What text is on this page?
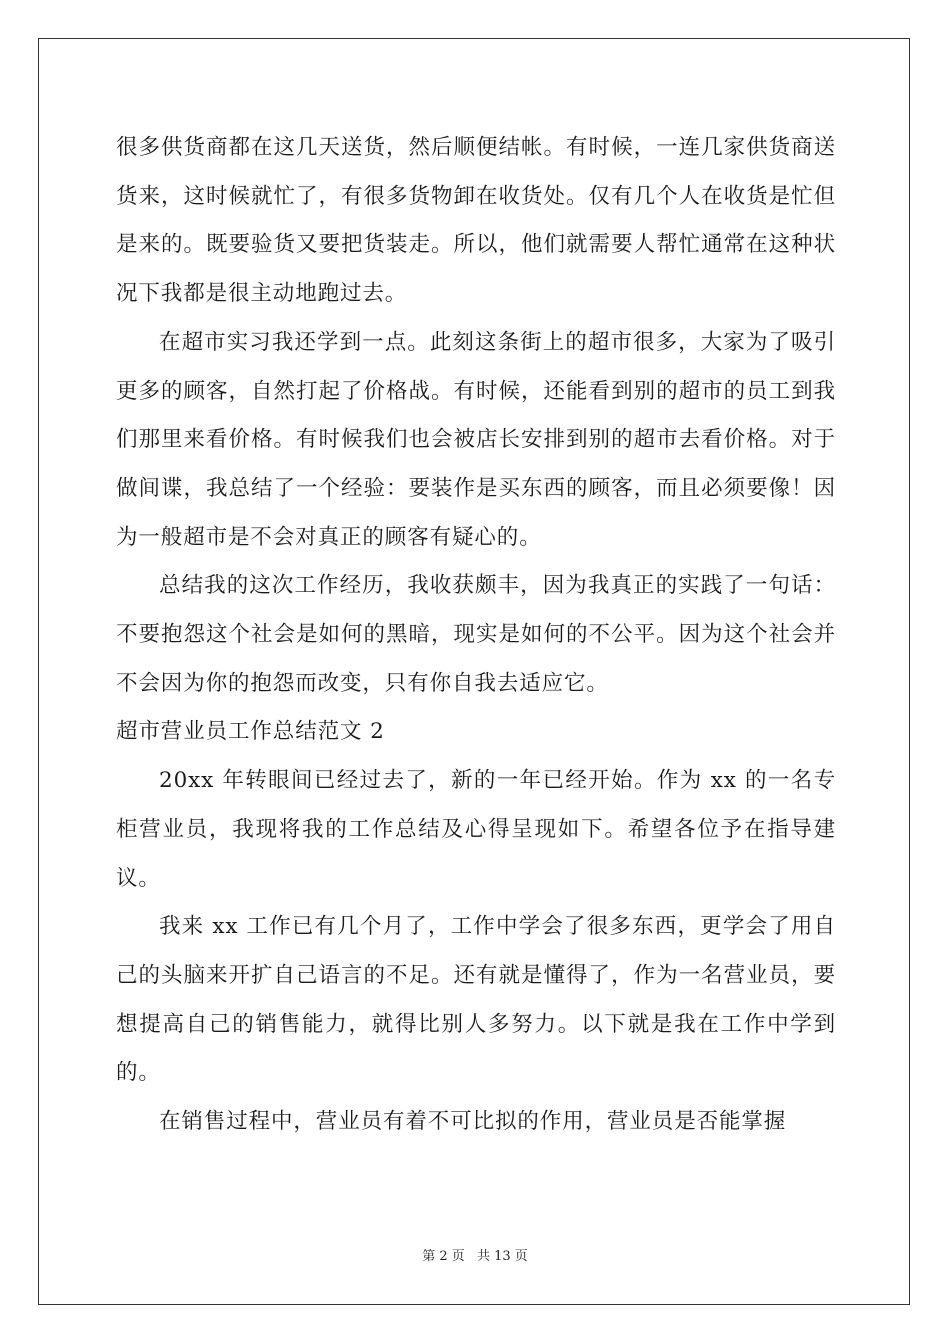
很多供货商都在这几天送货，然后顺便结帐。有时候，一连几家供货商送货来，这时候就忙了，有很多货物卸在收货处。仅有几个人在收货是忙但是来的。既要验货又要把货装走。所以，他们就需要人帮忙通常在这种状况下我都是很主动地跑过去。

在超市实习我还学到一点。此刻这条街上的超市很多，大家为了吸引更多的顾客，自然打起了价格战。有时候，还能看到别的超市的员工到我们那里来看价格。有时候我们也会被店长安排到别的超市去看价格。对于做间谍，我总结了一个经验：要装作是买东西的顾客，而且必须要像！因为一般超市是不会对真正的顾客有疑心的。

总结我的这次工作经历，我收获颇丰，因为我真正的实践了一句话：不要抱怨这个社会是如何的黑暗，现实是如何的不公平。因为这个社会并不会因为你的抱怨而改变，只有你自我去适应它。

超市营业员工作总结范文 2

20xx 年转眼间已经过去了，新的一年已经开始。作为 xx 的一名专柜营业员，我现将我的工作总结及心得呈现如下。希望各位予在指导建议。

我来 xx 工作已有几个月了，工作中学会了很多东西，更学会了用自己的头脑来开扩自己语言的不足。还有就是懂得了，作为一名营业员，要想提高自己的销售能力，就得比别人多努力。以下就是我在工作中学到的。

在销售过程中，营业员有着不可比拟的作用，营业员是否能掌握

第 2 页 共 13 页
